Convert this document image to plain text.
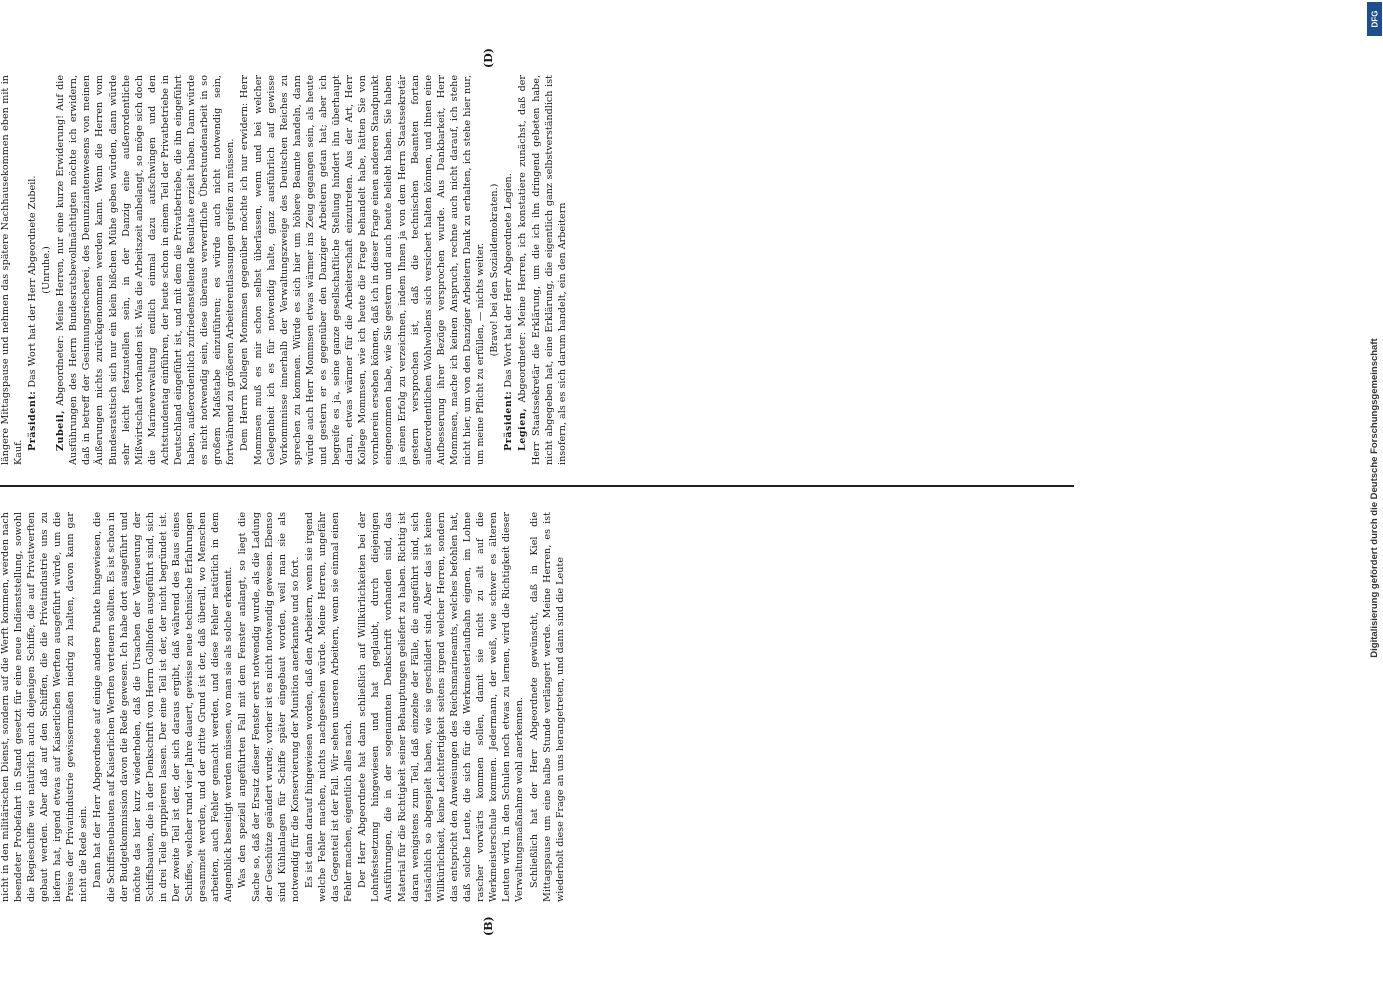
(B)
(D)

nicht in den militärischen Dienst, sondern auf die Werft kommen, werden nach beendeter Probefahrt in Stand gesetzt für eine neue Indienststellung, sowohl die Regieschiffe wie natürlich auch diejenigen Schiffe, die auf Privatwerften gebaut werden. Aber daß auf den Schiffen, die die Privatindustrie uns zu liefern hat, irgend etwas auf Kaiserlichen Werften ausgeführt würde, um die Preise der Privatindustrie gewissermaßen niedrig zu halten, davon kann gar nicht die Rede sein. Dann hat der Herr Abgeordnete auf einige andere Punkte hingewiesen, die die Schiffsneubauten auf Kaiserlichen Werften verteuern sollten. Es ist schon in der Budgetkommission davon die Rede gewesen. Ich habe dort ausgeführt und möchte das hier kurz wiederholen, daß die Ursachen der Verteuerung der Schiffsbauten, die in der Denkschrift von Herrn Gollhofen ausgeführt sind, sich in drei Teile gruppieren lassen. Der eine Teil ist der, der nicht begründet ist. Der zweite Teil ist der, der sich daraus ergibt, daß während des Baus eines Schiffes, welcher rund vier Jahre dauert, gewisse neue technische Erfahrungen gesammelt werden, und der dritte Grund ist der, daß überall, wo Menschen arbeiten, auch Fehler gemacht werden, und diese Fehler natürlich in dem Augenblick beseitigt werden müssen, wo man sie als solche erkennt. Was den speziell angeführten Fall mit dem Fenster anlangt, so liegt die Sache so, daß der Ersatz dieser Fenster erst notwendig wurde, als die Ladung der Geschütze geändert wurde; vorher ist es nicht notwendig gewesen. Ebenso sind Kühlanlagen für Schiffe später eingebaut worden, weil man sie als notwendig für die Konservierung der Munition anerkannte und so fort. Es ist dann darauf hingewiesen worden, daß den Arbeitern, wenn sie irgend welche Fehler machen, nichts nachgesehen würde. Meine Herren, ungefähr das Gegenteil ist der Fall. Wir sehen unseren Arbeitern, wenn sie einmal einen Fehler machen, eigentlich alles nach. Der Herr Abgeordnete hat dann schließlich auf Willkürlichkeiten bei der Lohnfestsetzung hingewiesen und hat geglaubt, durch diejenigen Ausführungen, die in der sogenannten Denkschrift vorhanden sind, das Material für die Richtigkeit seiner Behauptungen geliefert zu haben. Richtig ist daran wenigstens zum Teil, daß einzelne der Fälle, die angeführt sind, sich tatsächlich so abgespielt haben, wie sie geschildert sind. Aber das ist keine Willkürlichkeit, keine Leichtfertigkeit seitens irgend welcher Herren, sondern das entspricht den Anweisungen des Reichsmarineamts, welches befohlen hat, daß solche Leute, die sich für die Werkmeisterlaufbahn eignen, im Lohne rascher vorwärts kommen sollen, damit sie nicht zu alt auf die Werkmeisterschule kommen. Jedermann, der weiß, wie schwer es älteren Leuten wird, in den Schulen noch etwas zu lernen, wird die Richtigkeit dieser Verwaltungsmaßnahme wohl anerkennen. Schließlich hat der Herr Abgeordnete gewünscht, daß in Kiel die Mittagspause um eine halbe Stunde verlängert werde. Meine Herren, es ist wiederholt diese Frage an uns herangetreten, und dann sind die Leute

längere Mittagspause und nehmen das spätere Nachhausekommen eben mit in Kauf.

Präsident: Das Wort hat der Herr Abgeordnete Zubeil. (Unruhe.)

Zubeil, Abgeordneter: Meine Herren, nur eine kurze Erwiderung! Auf die Ausführungen des Herrn Bundesratsbevollmächtigten möchte ich erwidern, daß in betreff der Gesinnungsriecherei, des Denunziantenwesens von meinen Äußerungen nichts zurückgenommen werden kann. Wenn die Herren vom Bundesratstisch sich nur ein klein bißchen Mühe geben würden, dann würde sehr leicht festzustellen sein, in der Danzig eine außerordentliche Mißwirtschaft vorhanden ist. Was die Arbeitszeit anbelangt, so möge sich doch die Marineverwaltung endlich einmal dazu aufschwingen und den Achtstundentag einführen, der heute schon in einem Teil der Privatbetriebe in Deutschland eingeführt ist, und mit dem die Privatbetriebe, die ihn eingeführt haben, außerordentlich zufriedenstellende Resultate erzielt haben. Dann würde es nicht notwendig sein, diese überaus verwerfliche Überstundenarbeit in so großem Maßstabe einzuführen; es würde auch nicht notwendig sein, fortwährend zu größeren Arbeiterentlassungen greifen zu müssen. Dem Herrn Kollegen Mommsen gegenüber möchte ich nur erwidern: Herr Mommsen muß es mir schon selbst überlassen, wenn und bei welcher Gelegenheit ich es für notwendig halte, ganz ausführlich auf gewisse Vorkommnisse innerhalb der Verwaltungszweige des Deutschen Reiches zu sprechen zu kommen. Würde es sich hier um höhere Beamte handeln, dann würde auch Herr Mommsen etwas wärmer ins Zeug gegangen sein, als heute und gestern er es gegenüber den Danziger Arbeitern getan hat; aber ich begreife es ja, seine ganze gesellschaftliche Stellung hindert ihn überhaupt daran, etwas wärmer für die Arbeiterschaft einzutreten. Aus der Art, Herr Kollege Mommsen, wie ich heute die Frage behandelt habe, hätten Sie von vornherein ersehen können, daß ich in dieser Frage einen anderen Standpunkt eingenommen habe, wie Sie gestern und auch heute beliebt haben. Sie haben ja einen Erfolg zu verzeichnen, indem Ihnen ja von dem Herrn Staatssekretär gestern versprochen ist, daß die technischen Beamten fortan außerordentlichen Wohlwollens sich versichert halten können, und ihnen eine Aufbesserung ihrer Bezüge versprochen wurde. Aus Dankbarkeit, Herr Mommsen, mache ich keinen Anspruch, rechne auch nicht darauf, ich stehe nicht hier, um von den Danziger Arbeitern Dank zu erhalten, ich stehe hier nur, um meine Pflicht zu erfüllen, — nichts weiter. (Bravo! bei den Sozialdemokraten.)

Präsident: Das Wort hat der Herr Abgeordnete Legien.

Legien, Abgeordneter: Meine Herren, ich konstatiere zunächst, daß der Herr Staatssekretär die Erklärung, um die ich ihn dringend gebeten habe, nicht abgegeben hat, eine Erklärung, die eigentlich ganz selbstverständlich ist insofern, als es sich darum handelt, ein den Arbeitern

DFG
Digitalisierung gefördert durch die Deutsche Forschungsgemeinschaft
